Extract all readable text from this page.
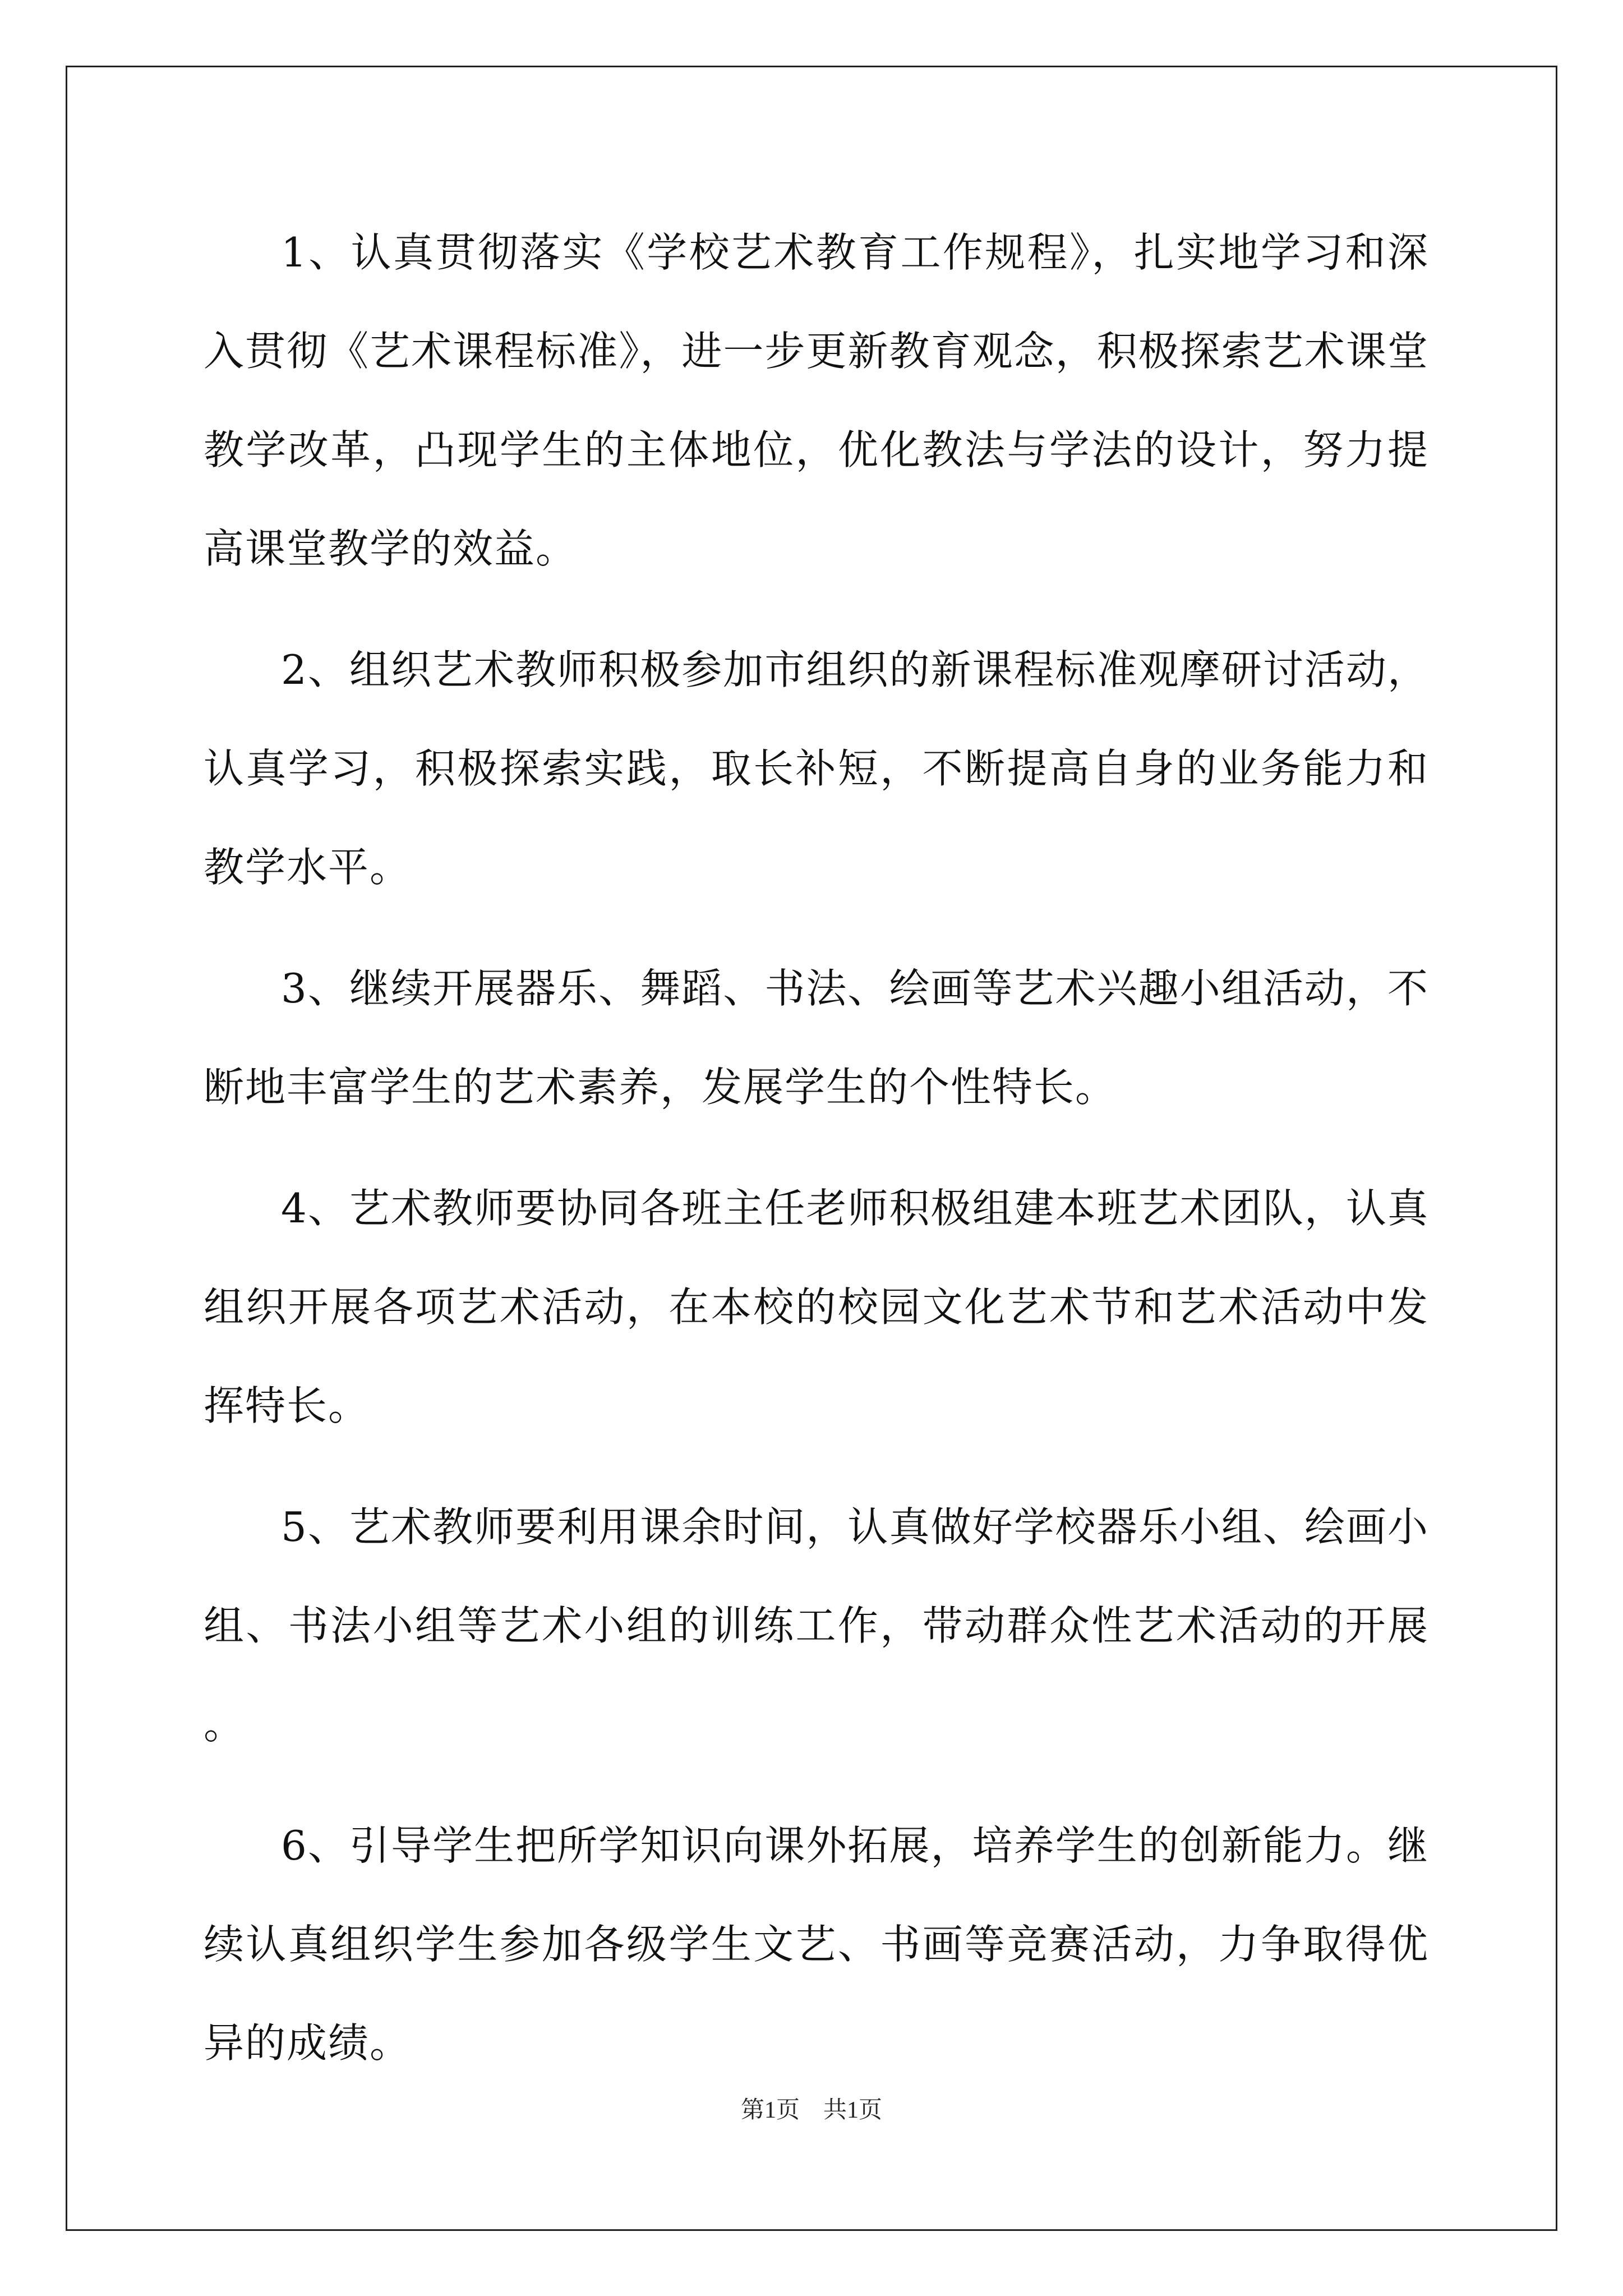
1、认真贯彻落实《学校艺术教育工作规程》，扎实地学习和深入贯彻《艺术课程标准》，进一步更新教育观念，积极探索艺术课堂教学改革，凸现学生的主体地位，优化教法与学法的设计，努力提高课堂教学的效益。

2、组织艺术教师积极参加市组织的新课程标准观摩研讨活动，认真学习，积极探索实践，取长补短，不断提高自身的业务能力和教学水平。

3、继续开展器乐、舞蹈、书法、绘画等艺术兴趣小组活动，不断地丰富学生的艺术素养，发展学生的个性特长。

4、艺术教师要协同各班主任老师积极组建本班艺术团队，认真组织开展各项艺术活动，在本校的校园文化艺术节和艺术活动中发挥特长。

5、艺术教师要利用课余时间，认真做好学校器乐小组、绘画小组、书法小组等艺术小组的训练工作，带动群众性艺术活动的开展。

6、引导学生把所学知识向课外拓展，培养学生的创新能力。继续认真组织学生参加各级学生文艺、书画等竞赛活动，力争取得优异的成绩。

第1页　共1页
